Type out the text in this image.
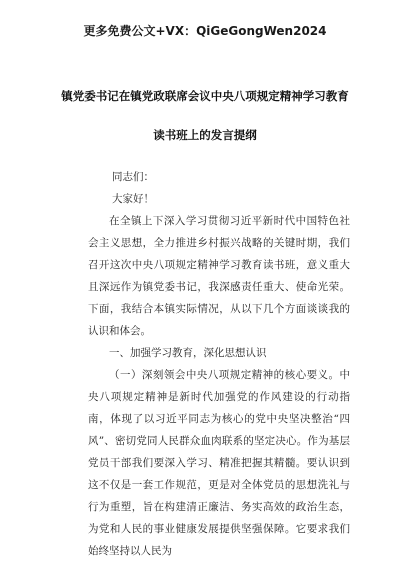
更多免费公文+VX：QiGeGongWen2024
镇党委书记在镇党政联席会议中央八项规定精神学习教育
读书班上的发言提纲

同志们：

大家好！

在全镇上下深入学习贯彻习近平新时代中国特色社会主义思想，全力推进乡村振兴战略的关键时期，我们召开这次中央八项规定精神学习教育读书班，意义重大且深远作为镇党委书记，我深感责任重大、使命光荣。下面，我结合本镇实际情况，从以下几个方面谈谈我的认识和体会。

一、加强学习教育，深化思想认识

（一）深刻领会中央八项规定精神的核心要义。中央八项规定精神是新时代加强党的作风建设的行动指南，体现了以习近平同志为核心的党中央坚决整治“四风”、密切党同人民群众血肉联系的坚定决心。作为基层党员干部我们要深入学习、精准把握其精髓。要认识到这不仅是一套工作规范，更是对全体党员的思想洗礼与行为重塑，旨在构建清正廉洁、务实高效的政治生态，为党和人民的事业健康发展提供坚强保障。它要求我们始终坚持以人民为
